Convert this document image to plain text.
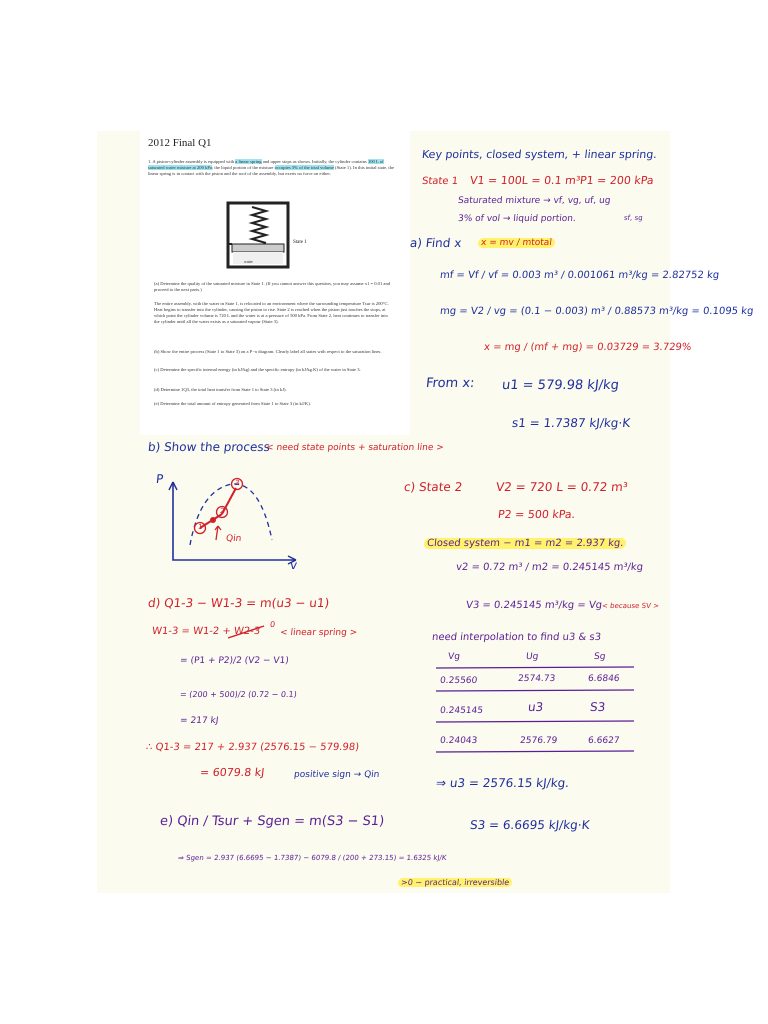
2012 Final Q1
1. A piston-cylinder assembly is equipped with a linear spring and upper stops as shown. Initially, the cylinder contains 100 L of saturated water mixture at 200 kPa; the liquid portion of the mixture occupies 3% of the total volume (State 1). In this initial state, the linear spring is in contact with the piston and the roof of the assembly, but exerts no force on either.
State 1
water
(a) Determine the quality of the saturated mixture in State 1. (If you cannot answer this question, you may assume x1 = 0.01 and proceed to the next parts.)
The entire assembly, with the water in State 1, is relocated to an environment where the surrounding temperature Tsur is 200°C. Heat begins to transfer into the cylinder, causing the piston to rise. State 2 is reached when the piston just touches the stops, at which point the cylinder volume is 720 L and the water is at a pressure of 500 kPa. From State 2, heat continues to transfer into the cylinder until all the water exists as a saturated vapour (State 3).
(b) Show the entire process (State 1 to State 3) on a P−υ diagram. Clearly label all states with respect to the saturation lines.
(c) Determine the specific internal energy (in kJ/kg) and the specific entropy (in kJ/kg.K) of the water in State 3.
(d) Determine 1Q3, the total heat transfer from State 1 to State 3 (in kJ).
(e) Determine the total amount of entropy generated from State 1 to State 3 (in kJ/K).
Key points, closed system, + linear spring.
State 1 V1 = 100L = 0.1 m³
P1 = 200 kPa
Saturated mixture → vf, vg, uf, ug
sf, sg
3% of vol → liquid portion.
a) Find x	x = mv / mtotal
mf = Vf / vf = 0.003 m³ / 0.001061 m³/kg = 2.82752 kg
mg = V2 / vg = (0.1 − 0.003) m³ / 0.88573 m³/kg = 0.1095 kg
x = mg / (mf + mg) = 0.03729 = 3.729%
From x: u1 = 579.98 kJ/kg
s1 = 1.7387 kJ/kg·K
b) Show the process
< need state points + saturation line >
P
v
1
2
3
Qin
c) State 2	V2 = 720 L = 0.72 m³
P2 = 500 kPa.
Closed system − m1 = m2 = 2.937 kg.
v2 = 0.72 m³ / m2 = 0.245145 m³/kg
V3 = 0.245145 m³/kg = Vg
< because SV >
need interpolation to find u3 & s3
Vg	Ug	Sg
0.25560	2574.73	6.6846
0.245145	u3	S3
0.24043	2576.79	6.6627
⇒ u3 = 2576.15 kJ/kg.
S3 = 6.6695 kJ/kg·K
d) Q1-3 − W1-3 = m(u3 − u1)
W1-3 = W1-2 + W2-3
0
< linear spring >
= (P1 + P2)/2 (V2 − V1)
= (200 + 500)/2 (0.72 − 0.1)
= 217 kJ
∴ Q1-3 = 217 + 2.937 (2576.15 − 579.98)
= 6079.8 kJ	positive sign → Qin
e) Qin / Tsur + Sgen = m(S3 − S1)
⇒ Sgen = 2.937 (6.6695 − 1.7387) − 6079.8 / (200 + 273.15) = 1.6325 kJ/K
>0 ~ practical, irreversible
